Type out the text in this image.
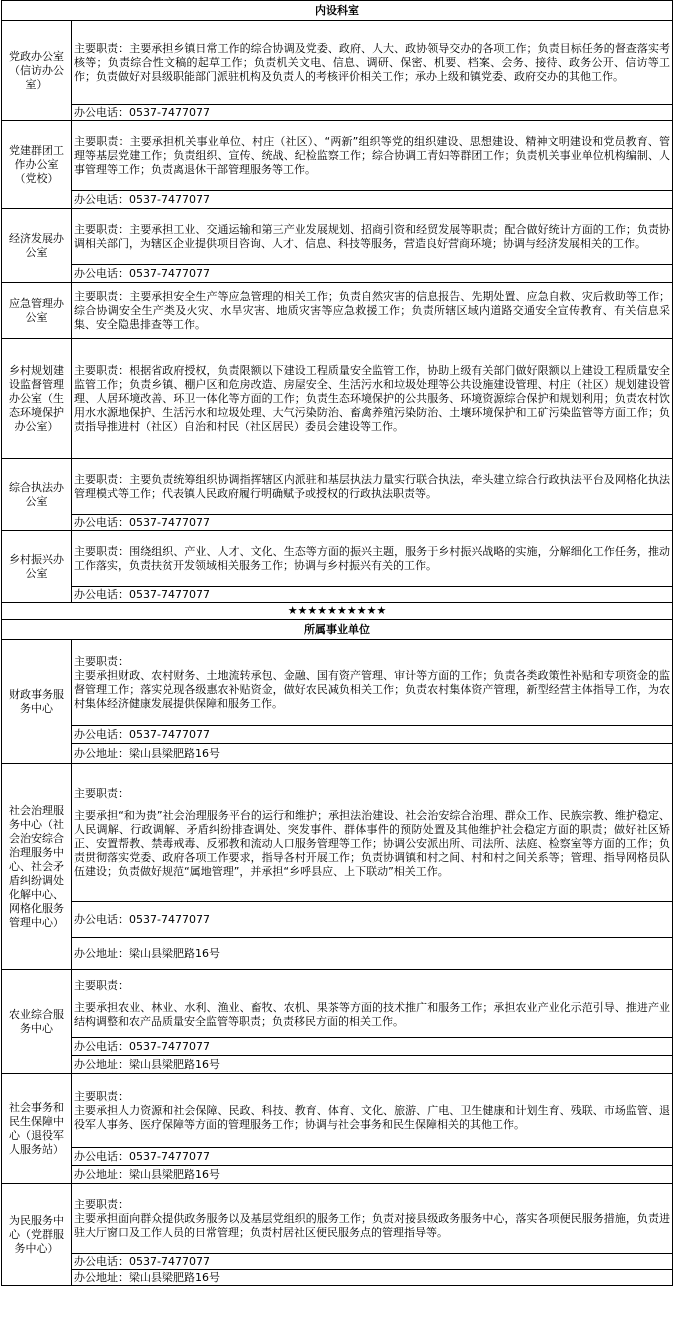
内设科室	
党政办公室（信访办公室）	主要职责：主要承担乡镇日常工作的综合协调及党委、政府、人大、政协领导交办的各项工作；负责目标任务的督查落实考核等；负责综合性文稿的起草工作；负责机关文电、信息、调研、保密、机要、档案、会务、接待、政务公开、信访等工作；负责做好对县级职能部门派驻机构及负责人的考核评价相关工作；承办上级和镇党委、政府交办的其他工作。
	办公电话：0537-7477077
党建群团工作办公室（党校）	主要职责：主要承担机关事业单位、村庄（社区）、“两新”组织等党的组织建设、思想建设、精神文明建设和党员教育、管理等基层党建工作；负责组织、宣传、统战、纪检监察工作；综合协调工青妇等群团工作；负责机关事业单位机构编制、人事管理等工作；负责离退休干部管理服务等工作。
	办公电话：0537-7477077
经济发展办公室	主要职责：主要承担工业、交通运输和第三产业发展规划、招商引资和经贸发展等职责；配合做好统计方面的工作；负责协调相关部门，为辖区企业提供项目咨询、人才、信息、科技等服务，营造良好营商环境；协调与经济发展相关的工作。
	办公电话：0537-7477077
应急管理办公室	主要职责：主要承担安全生产等应急管理的相关工作；负责自然灾害的信息报告、先期处置、应急自救、灾后救助等工作；综合协调安全生产类及火灾、水旱灾害、地质灾害等应急救援工作；负责所辖区域内道路交通安全宣传教育、有关信息采集、安全隐患排查等工作。
乡村规划建设监督管理办公室（生态环境保护办公室）	主要职责：根据省政府授权，负责限额以下建设工程质量安全监管工作，协助上级有关部门做好限额以上建设工程质量安全监管工作；负责乡镇、棚户区和危房改造、房屋安全、生活污水和垃圾处理等公共设施建设管理、村庄（社区）规划建设管理、人居环境改善、环卫一体化等方面的工作；负责生态环境保护的公共服务、环境资源综合保护和规划利用；负责农村饮用水水源地保护、生活污水和垃圾处理、大气污染防治、畜禽养殖污染防治、土壤环境保护和工矿污染监管等方面工作；负责指导推进村（社区）自治和村民（社区居民）委员会建设等工作。
综合执法办公室	主要职责：主要负责统筹组织协调指挥辖区内派驻和基层执法力量实行联合执法，牵头建立综合行政执法平台及网格化执法管理模式等工作；代表镇人民政府履行明确赋予或授权的行政执法职责等。
	办公电话：0537-7477077
乡村振兴办公室	主要职责：围绕组织、产业、人才、文化、生态等方面的振兴主题，服务于乡村振兴战略的实施，分解细化工作任务，推动工作落实，负责扶贫开发领域相关服务工作；协调与乡村振兴有关的工作。
	办公电话：0537-7477077
★★★★★★★★★★	
所属事业单位	
财政事务服务中心	主要职责：
主要承担财政、农村财务、土地流转承包、金融、国有资产管理、审计等方面的工作；负责各类政策性补贴和专项资金的监督管理工作；落实兑现各级惠农补贴资金，做好农民减负相关工作；负责农村集体资产管理，新型经营主体指导工作，为农村集体经济健康发展提供保障和服务工作。

	办公电话：0537-7477077
	办公地址：梁山县梁肥路16号
社会治理服务中心（社会治安综合治理服务中心、社会矛盾纠纷调处化解中心、网格化服务管理中心）	主要职责：
主要承担“和为贵”社会治理服务平台的运行和维护；承担法治建设、社会治安综合治理、群众工作、民族宗教、维护稳定、人民调解、行政调解、矛盾纠纷排查调处、突发事件、群体事件的预防处置及其他维护社会稳定方面的职责；做好社区矫正、安置帮教、禁毒戒毒、反邪教和流动人口服务管理等工作；协调公安派出所、司法所、法庭、检察室等方面的工作；负责贯彻落实党委、政府各项工作要求，指导各村开展工作；负责协调镇和村之间、村和村之间关系等；管理、指导网格员队伍建设；负责做好规范“属地管理”，并承担“乡呼县应、上下联动”相关工作。

	办公电话：0537-7477077
	办公地址：梁山县梁肥路16号
农业综合服务中心	主要职责：
主要承担农业、林业、水利、渔业、畜牧、农机、果茶等方面的技术推广和服务工作；承担农业产业化示范引导、推进产业结构调整和农产品质量安全监管等职责；负责移民方面的相关工作。

	办公电话：0537-7477077
	办公地址：梁山县梁肥路16号
社会事务和民生保障中心（退役军人服务站）	主要职责：
主要承担人力资源和社会保障、民政、科技、教育、体育、文化、旅游、广电、卫生健康和计划生育、残联、市场监管、退役军人事务、医疗保障等方面的管理服务工作；协调与社会事务和民生保障相关的其他工作。

	办公电话：0537-7477077
	办公地址：梁山县梁肥路16号
为民服务中心（党群服务中心）	主要职责：
主要承担面向群众提供政务服务以及基层党组织的服务工作；负责对接县级政务服务中心，落实各项便民服务措施，负责进驻大厅窗口及工作人员的日常管理；负责村居社区便民服务点的管理指导等。

	办公电话：0537-7477077
	办公地址：梁山县梁肥路16号
